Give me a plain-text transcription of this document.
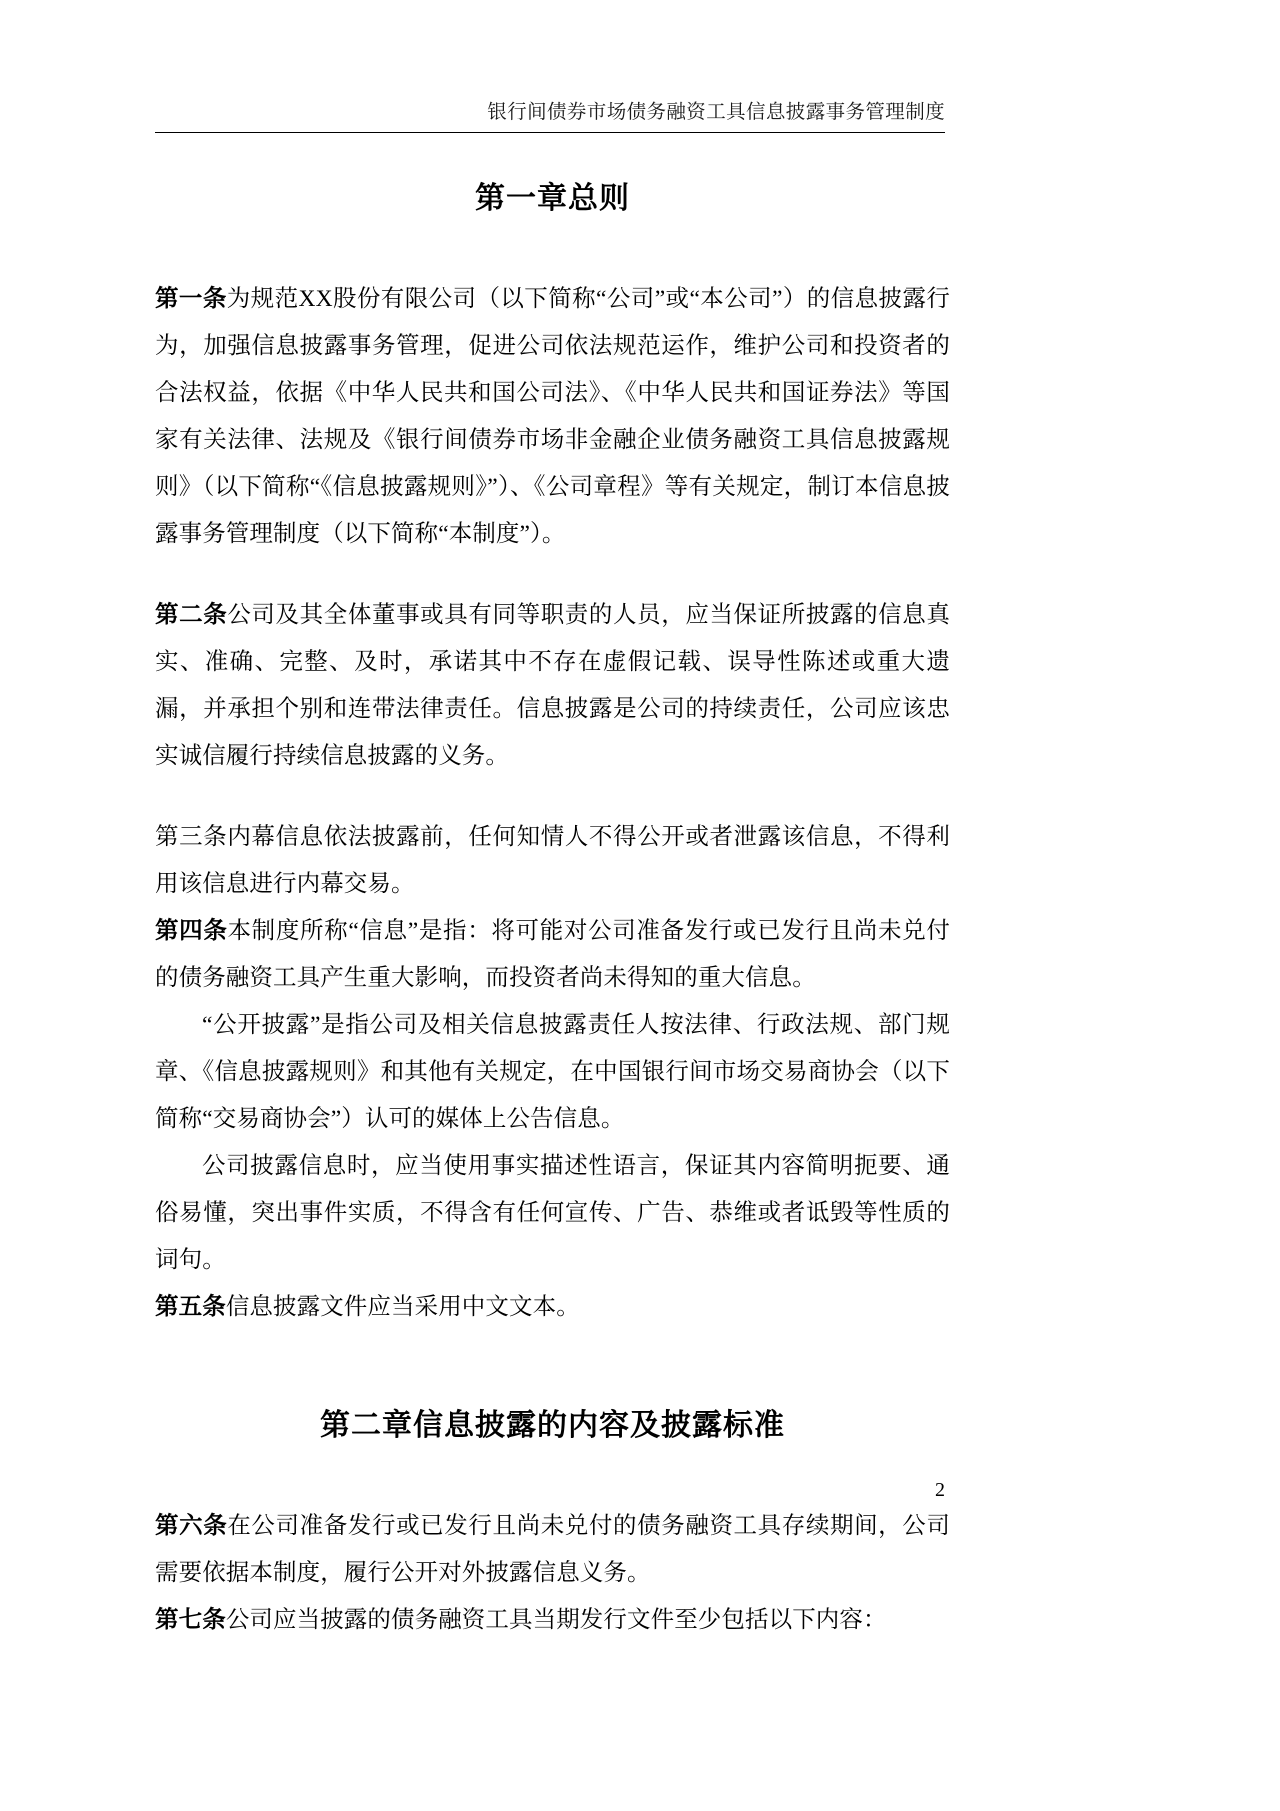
银行间债券市场债务融资工具信息披露事务管理制度
第一章总则

第一条为规范XX股份有限公司（以下简称“公司”或“本公司”）的信息披露行为，加强信息披露事务管理，促进公司依法规范运作，维护公司和投资者的合法权益，依据《中华人民共和国公司法》、《中华人民共和国证券法》等国家有关法律、法规及《银行间债券市场非金融企业债务融资工具信息披露规则》（以下简称“《信息披露规则》”）、《公司章程》等有关规定，制订本信息披露事务管理制度（以下简称“本制度”）。

第二条公司及其全体董事或具有同等职责的人员，应当保证所披露的信息真实、准确、完整、及时，承诺其中不存在虚假记载、误导性陈述或重大遗漏，并承担个别和连带法律责任。信息披露是公司的持续责任，公司应该忠实诚信履行持续信息披露的义务。

第三条内幕信息依法披露前，任何知情人不得公开或者泄露该信息，不得利用该信息进行内幕交易。

第四条本制度所称“信息”是指：将可能对公司准备发行或已发行且尚未兑付的债务融资工具产生重大影响，而投资者尚未得知的重大信息。

“公开披露”是指公司及相关信息披露责任人按法律、行政法规、部门规章、《信息披露规则》和其他有关规定，在中国银行间市场交易商协会（以下简称“交易商协会”）认可的媒体上公告信息。

公司披露信息时，应当使用事实描述性语言，保证其内容简明扼要、通俗易懂，突出事件实质，不得含有任何宣传、广告、恭维或者诋毁等性质的词句。

第五条信息披露文件应当采用中文文本。

第二章信息披露的内容及披露标准

第六条在公司准备发行或已发行且尚未兑付的债务融资工具存续期间，公司需要依据本制度，履行公开对外披露信息义务。

第七条公司应当披露的债务融资工具当期发行文件至少包括以下内容：

2
